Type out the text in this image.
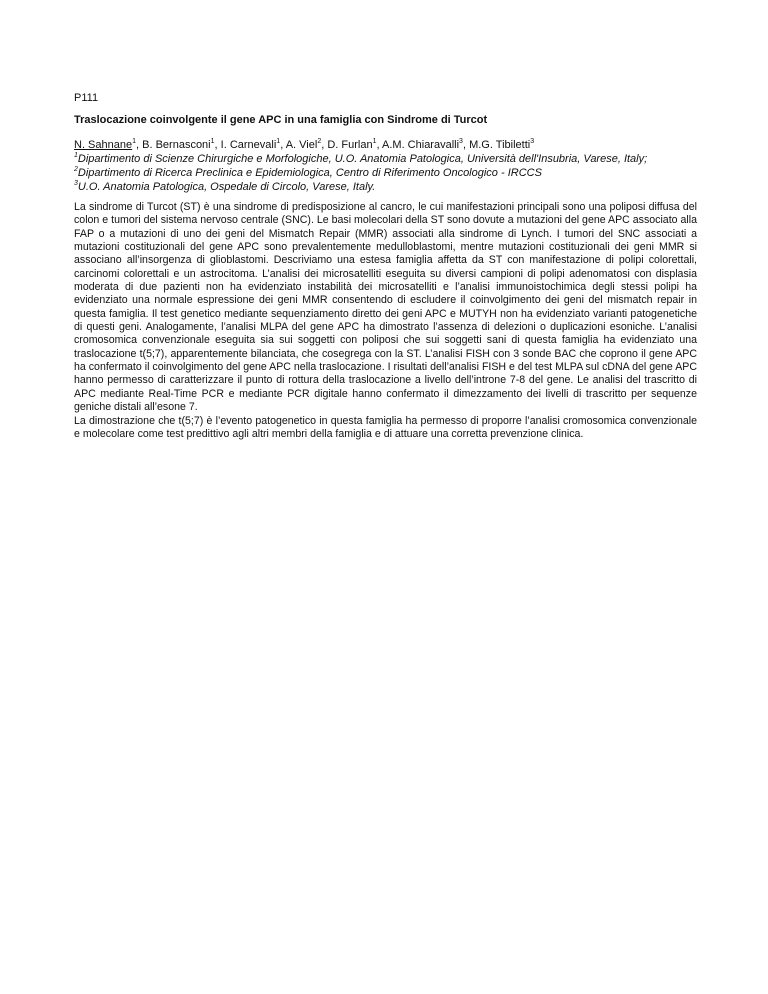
P111

Traslocazione coinvolgente il gene APC in una famiglia con Sindrome di Turcot

N. Sahnane$^1$, B. Bernasconi$^1$, I. Carnevali$^1$, A. Viel$^2$, D. Furlan$^1$, A.M. Chiaravalli$^3$, M.G. Tibiletti$^3$
$^1$Dipartimento di Scienze Chirurgiche e Morfologiche, U.O. Anatomia Patologica, Università dell'Insubria, Varese, Italy;
$^2$Dipartimento di Ricerca Preclinica e Epidemiologica, Centro di Riferimento Oncologico - IRCCS
$^3$U.O. Anatomia Patologica, Ospedale di Circolo, Varese, Italy.

La sindrome di Turcot (ST) è una sindrome di predisposizione al cancro, le cui manifestazioni principali sono una poliposi diffusa del colon e tumori del sistema nervoso centrale (SNC). Le basi molecolari della ST sono dovute a mutazioni del gene APC associato alla FAP o a mutazioni di uno dei geni del Mismatch Repair (MMR) associati alla sindrome di Lynch. I tumori del SNC associati a mutazioni costituzionali del gene APC sono prevalentemente medulloblastomi, mentre mutazioni costituzionali dei geni MMR si associano all’insorgenza di glioblastomi. Descriviamo una estesa famiglia affetta da ST con manifestazione di polipi colorettali, carcinomi colorettali e un astrocitoma. L’analisi dei microsatelliti eseguita su diversi campioni di polipi adenomatosi con displasia moderata di due pazienti non ha evidenziato instabilità dei microsatelliti e l’analisi immunoistochimica degli stessi polipi ha evidenziato una normale espressione dei geni MMR consentendo di escludere il coinvolgimento dei geni del mismatch repair in questa famiglia. Il test genetico mediante sequenziamento diretto dei geni APC e MUTYH non ha evidenziato varianti patogenetiche di questi geni. Analogamente, l’analisi MLPA del gene APC ha dimostrato l’assenza di delezioni o duplicazioni esoniche. L’analisi cromosomica convenzionale eseguita sia sui soggetti con poliposi che sui soggetti sani di questa famiglia ha evidenziato una traslocazione t(5;7), apparentemente bilanciata, che cosegrega con la ST. L’analisi FISH con 3 sonde BAC che coprono il gene APC ha confermato il coinvolgimento del gene APC nella traslocazione. I risultati dell’analisi FISH e del test MLPA sul cDNA del gene APC hanno permesso di caratterizzare il punto di rottura della traslocazione a livello dell’introne 7-8 del gene. Le analisi del trascritto di APC mediante Real-Time PCR e mediante PCR digitale hanno confermato il dimezzamento dei livelli di trascritto per sequenze geniche distali all’esone 7.

La dimostrazione che t(5;7) è l’evento patogenetico in questa famiglia ha permesso di proporre l’analisi cromosomica convenzionale e molecolare come test predittivo agli altri membri della famiglia e di attuare una corretta prevenzione clinica.
